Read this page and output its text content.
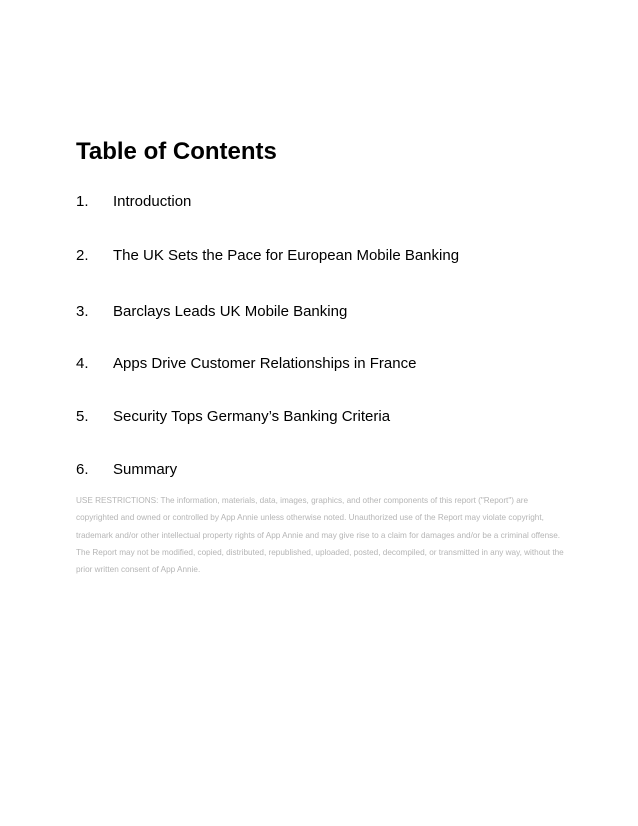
Table of Contents
1. Introduction
2. The UK Sets the Pace for European Mobile Banking
3. Barclays Leads UK Mobile Banking
4. Apps Drive Customer Relationships in France
5. Security Tops Germany’s Banking Criteria
6. Summary

USE RESTRICTIONS: The information, materials, data, images, graphics, and other components of this report ("Report") are copyrighted and owned or controlled by App Annie unless otherwise noted. Unauthorized use of the Report may violate copyright, trademark and/or other intellectual property rights of App Annie and may give rise to a claim for damages and/or be a criminal offense. The Report may not be modified, copied, distributed, republished, uploaded, posted, decompiled, or transmitted in any way, without the prior written consent of App Annie.
